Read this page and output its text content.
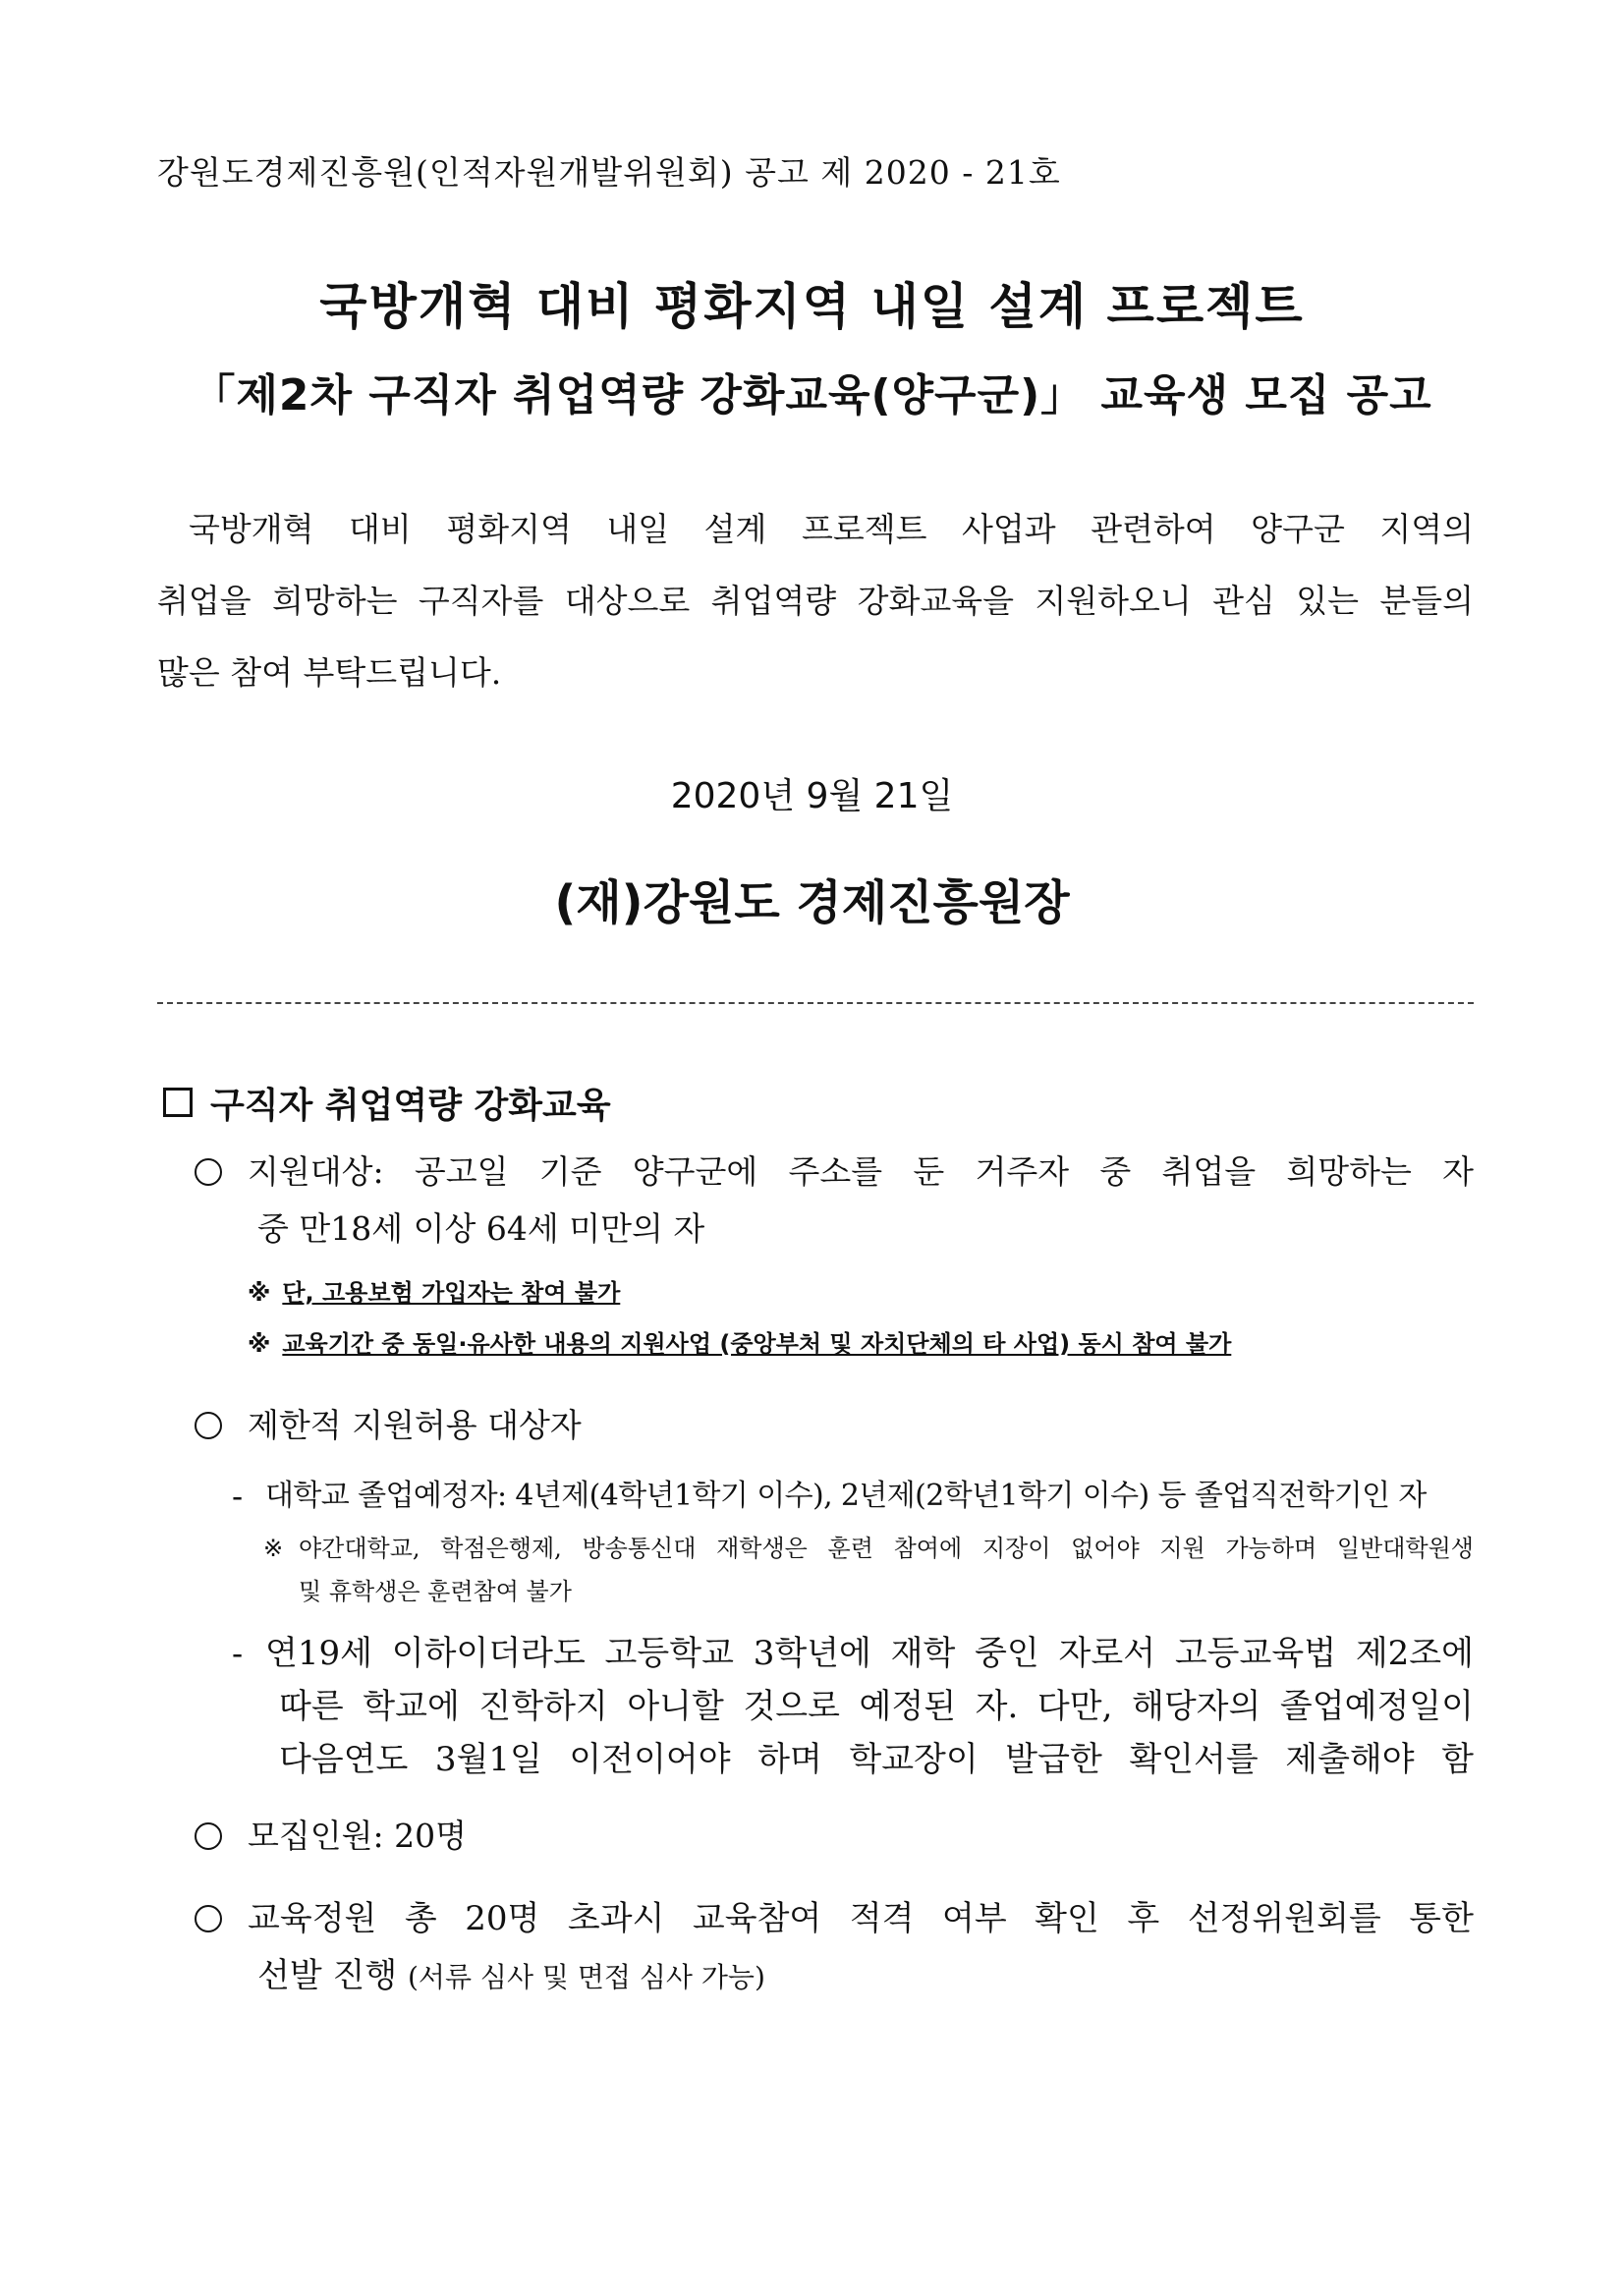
강원도경제진흥원(인적자원개발위원회) 공고 제 2020 - 21호
국방개혁 대비 평화지역 내일 설계 프로젝트
「제2차 구직자 취업역량 강화교육(양구군)」 교육생 모집 공고
국방개혁 대비 평화지역 내일 설계 프로젝트 사업과 관련하여 양구군 지역의
취업을 희망하는 구직자를 대상으로 취업역량 강화교육을 지원하오니 관심 있는 분들의
많은 참여 부탁드립니다.
2020년 9월 21일
(재)강원도 경제진흥원장
구직자 취업역량 강화교육
지원대상: 공고일 기준 양구군에 주소를 둔 거주자 중 취업을 희망하는 자
중 만18세 이상 64세 미만의 자
※ 단, 고용보험 가입자는 참여 불가
※ 교육기간 중 동일·유사한 내용의 지원사업 (중앙부처 및 자치단체의 타 사업) 동시 참여 불가
제한적 지원허용 대상자
- 대학교 졸업예정자: 4년제(4학년1학기 이수), 2년제(2학년1학기 이수) 등 졸업직전학기인 자
※ 야간대학교, 학점은행제, 방송통신대 재학생은 훈련 참여에 지장이 없어야 지원 가능하며 일반대학원생
및 휴학생은 훈련참여 불가
- 연19세 이하이더라도 고등학교 3학년에 재학 중인 자로서 고등교육법 제2조에
따른 학교에 진학하지 아니할 것으로 예정된 자. 다만, 해당자의 졸업예정일이
다음연도 3월1일 이전이어야 하며 학교장이 발급한 확인서를 제출해야 함
모집인원: 20명
교육정원 총 20명 초과시 교육참여 적격 여부 확인 후 선정위원회를 통한
선발 진행 (서류 심사 및 면접 심사 가능)
